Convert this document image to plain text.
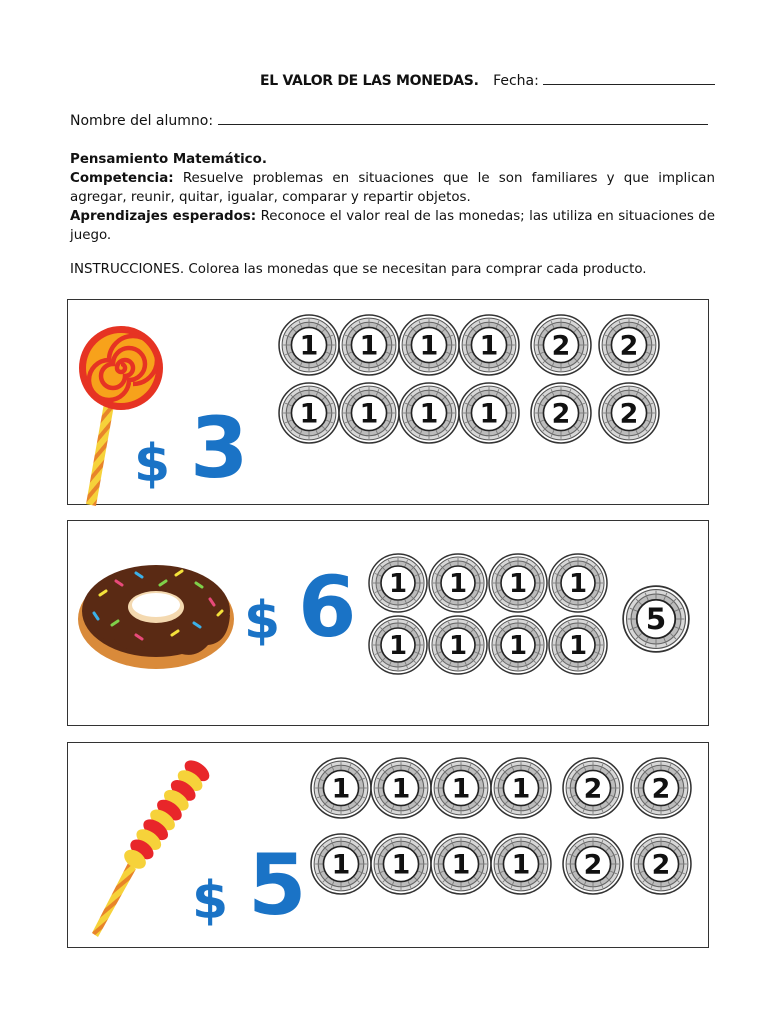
EL VALOR DE LAS MONEDAS. Fecha:
Nombre del alumno:
Pensamiento Matemático.
Competencia: Resuelve problemas en situaciones que le son familiares y que implican agregar, reunir, quitar, igualar, comparar y repartir objetos.
Aprendizajes esperados: Reconoce el valor real de las monedas; las utiliza en situaciones de juego.
INSTRUCCIONES. Colorea las monedas que se necesitan para comprar cada producto.
$ 3
1 1 1 1 2 2
1 1 1 1 2 2
$ 6 1 1 1 1
1 1 1 1
5
$ 5
1 1 1 1 2 2
1 1 1 1 2 2
